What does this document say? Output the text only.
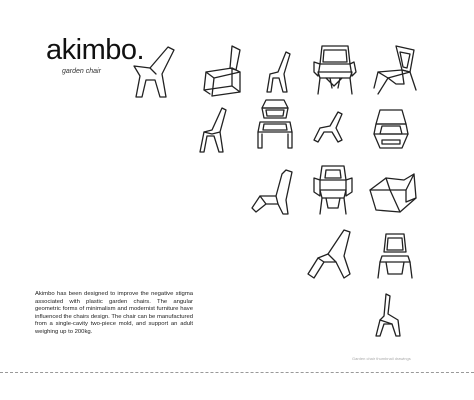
akimbo.
garden chair
Akimbo has been designed to improve the negative stigma associated with plastic garden chairs. The angular geometric forms of minimalism and modernist furniture have influenced the chairs design. The chair can be manufactured from a single-cavity two-piece mold, and support an adult weighing up to 200kg.
Garden chair thumbnail drawings
